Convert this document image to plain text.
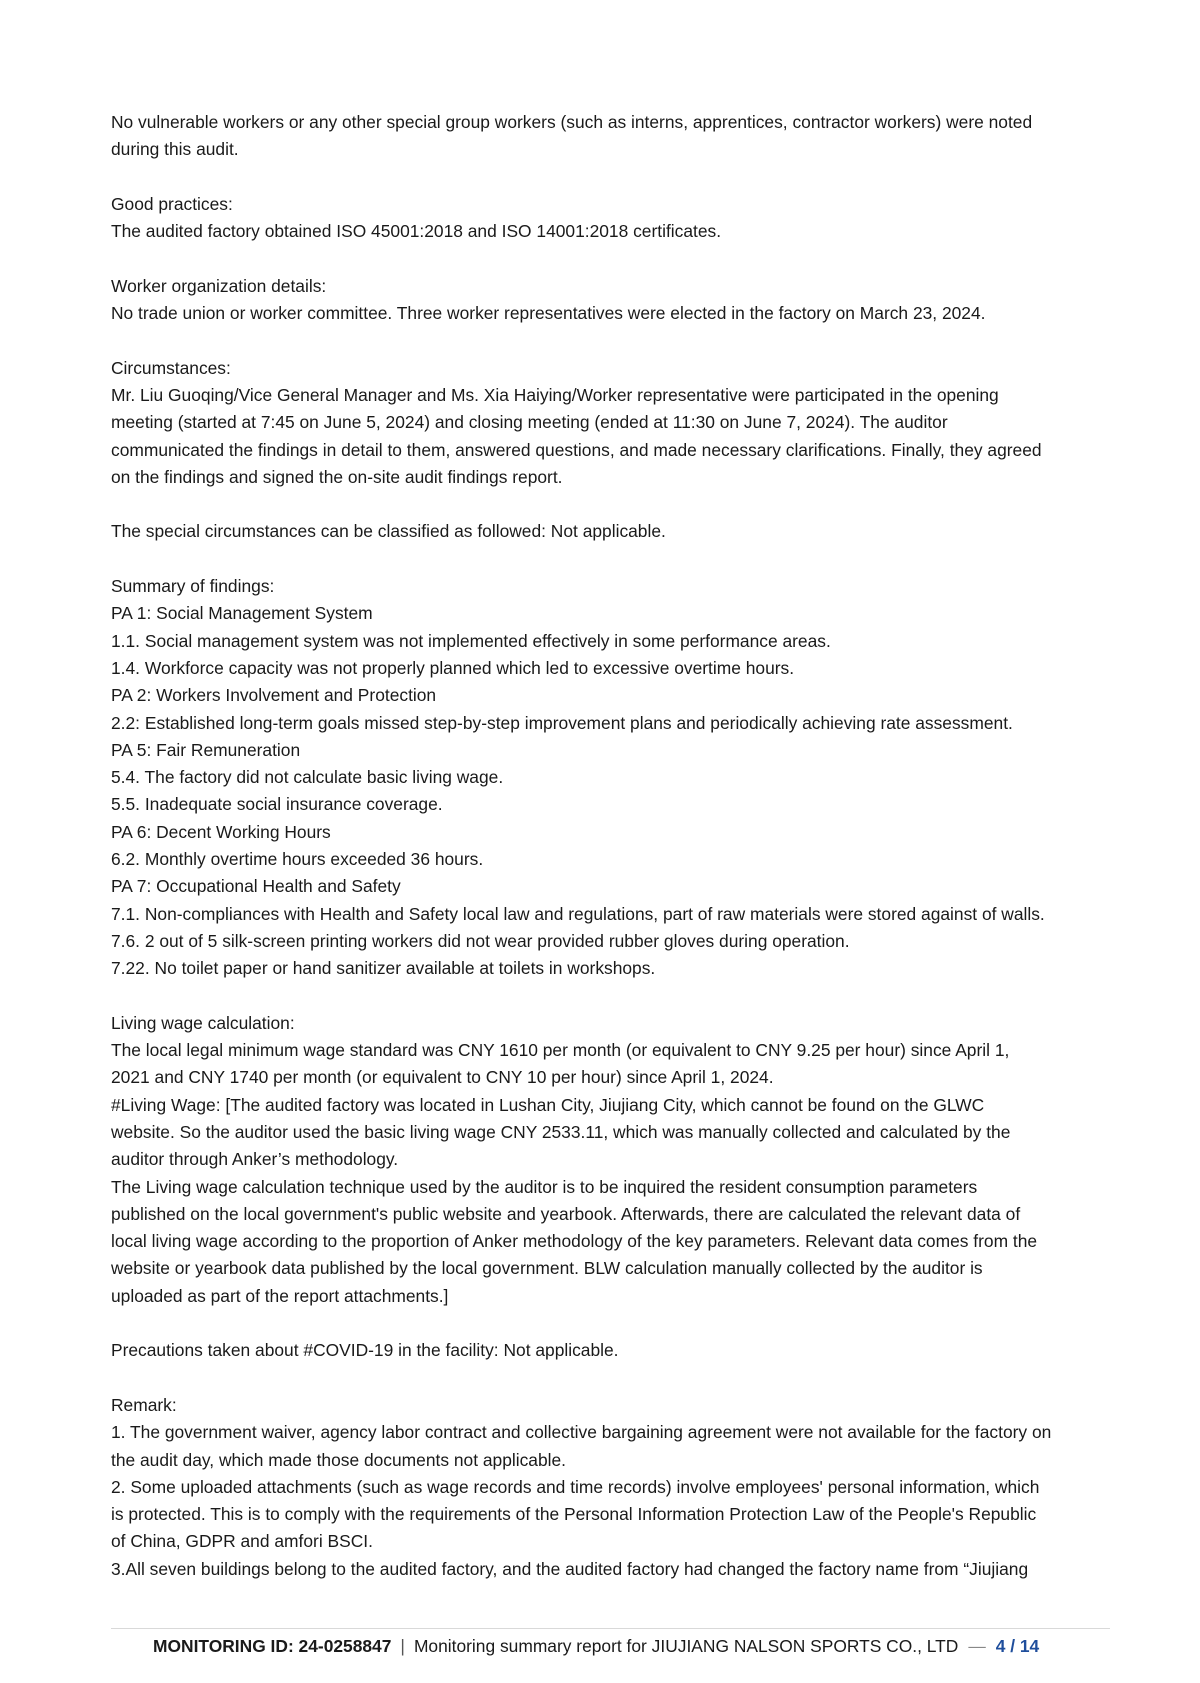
No vulnerable workers or any other special group workers (such as interns, apprentices, contractor workers) were noted
during this audit.
Good practices:
The audited factory obtained ISO 45001:2018 and ISO 14001:2018 certificates.
Worker organization details:
No trade union or worker committee. Three worker representatives were elected in the factory on March 23, 2024.
Circumstances:
Mr. Liu Guoqing/Vice General Manager and Ms. Xia Haiying/Worker representative were participated in the opening
meeting (started at 7:45 on June 5, 2024) and closing meeting (ended at 11:30 on June 7, 2024). The auditor
communicated the findings in detail to them, answered questions, and made necessary clarifications. Finally, they agreed
on the findings and signed the on-site audit findings report.
The special circumstances can be classified as followed: Not applicable.
Summary of findings:
PA 1: Social Management System
1.1. Social management system was not implemented effectively in some performance areas.
1.4. Workforce capacity was not properly planned which led to excessive overtime hours.
PA 2: Workers Involvement and Protection
2.2: Established long-term goals missed step-by-step improvement plans and periodically achieving rate assessment.
PA 5: Fair Remuneration
5.4. The factory did not calculate basic living wage.
5.5. Inadequate social insurance coverage.
PA 6: Decent Working Hours
6.2. Monthly overtime hours exceeded 36 hours.
PA 7: Occupational Health and Safety
7.1. Non-compliances with Health and Safety local law and regulations, part of raw materials were stored against of walls.
7.6. 2 out of 5 silk-screen printing workers did not wear provided rubber gloves during operation.
7.22. No toilet paper or hand sanitizer available at toilets in workshops.
Living wage calculation:
The local legal minimum wage standard was CNY 1610 per month (or equivalent to CNY 9.25 per hour) since April 1,
2021 and CNY 1740 per month (or equivalent to CNY 10 per hour) since April 1, 2024.
#Living Wage: [The audited factory was located in Lushan City, Jiujiang City, which cannot be found on the GLWC
website. So the auditor used the basic living wage CNY 2533.11, which was manually collected and calculated by the
auditor through Anker’s methodology.
The Living wage calculation technique used by the auditor is to be inquired the resident consumption parameters
published on the local government's public website and yearbook. Afterwards, there are calculated the relevant data of
local living wage according to the proportion of Anker methodology of the key parameters. Relevant data comes from the
website or yearbook data published by the local government. BLW calculation manually collected by the auditor is
uploaded as part of the report attachments.]
Precautions taken about #COVID-19 in the facility: Not applicable.
Remark:
1. The government waiver, agency labor contract and collective bargaining agreement were not available for the factory on
the audit day, which made those documents not applicable.
2. Some uploaded attachments (such as wage records and time records) involve employees' personal information, which
is protected. This is to comply with the requirements of the Personal Information Protection Law of the People's Republic
of China, GDPR and amfori BSCI.
3.All seven buildings belong to the audited factory, and the audited factory had changed the factory name from “Jiujiang
MONITORING ID: 24-0258847 | Monitoring summary report for JIUJIANG NALSON SPORTS CO., LTD — 4 / 14
